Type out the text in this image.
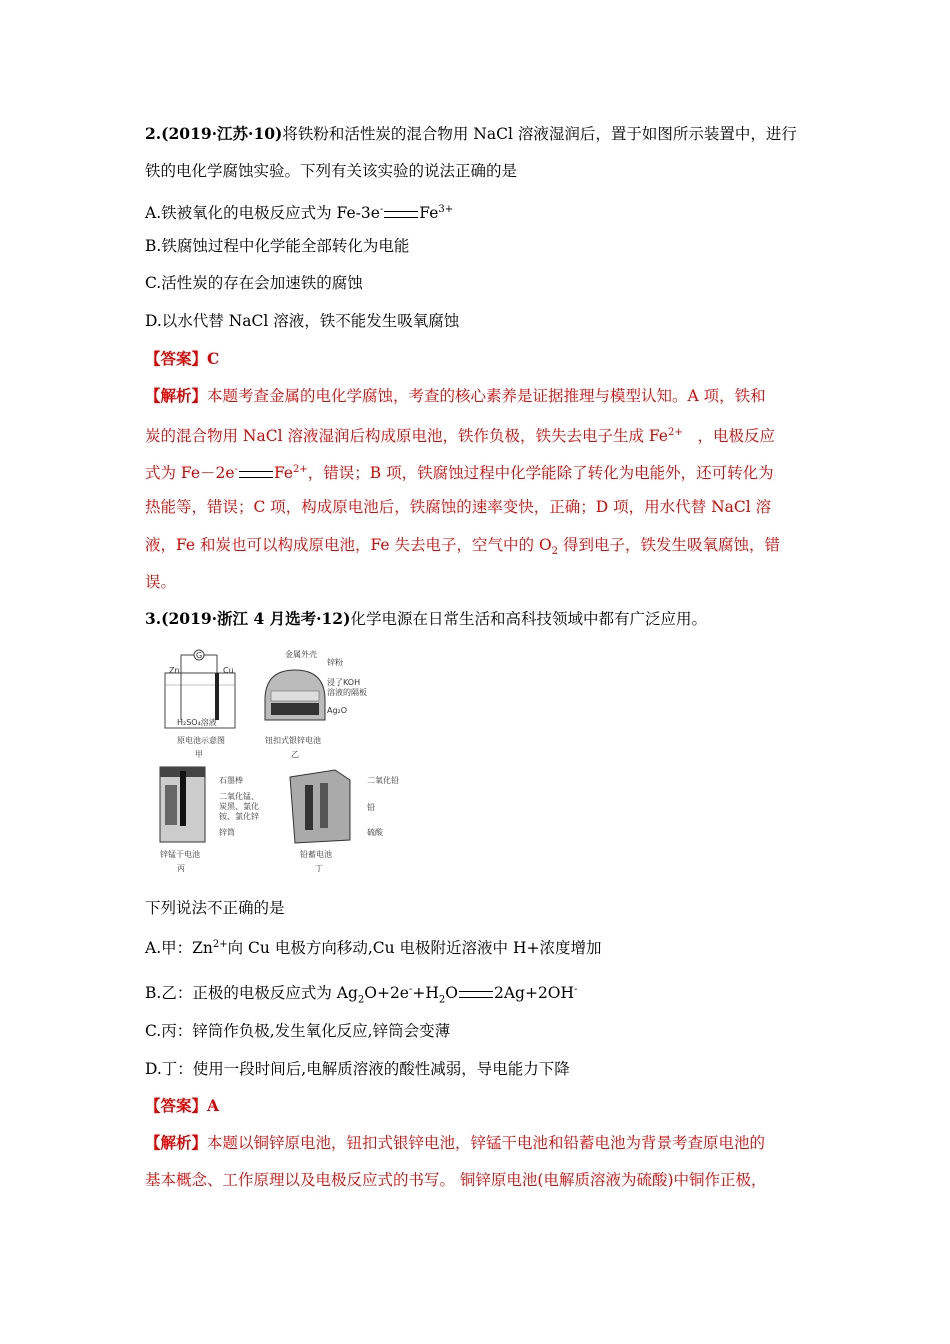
2.(2019·江苏·10)将铁粉和活性炭的混合物用 NaCl 溶液湿润后，置于如图所示装置中，进行
铁的电化学腐蚀实验。下列有关该实验的说法正确的是
A.铁被氧化的电极反应式为 Fe-3e- $Fe^{3+}$
B.铁腐蚀过程中化学能全部转化为电能
C.活性炭的存在会加速铁的腐蚀
D.以水代替 NaCl 溶液，铁不能发生吸氧腐蚀
【答案】C
【解析】本题考查金属的电化学腐蚀，考查的核心素养是证据推理与模型认知。A 项，铁和
炭的混合物用 NaCl 溶液湿润后构成原电池，铁作负极，铁失去电子生成 $Fe^{2+}$ ，电极反应
式为 Fe－2e- $Fe^{2+}$，错误；B 项，铁腐蚀过程中化学能除了转化为电能外，还可转化为
热能等，错误；C 项，构成原电池后，铁腐蚀的速率变快，正确；D 项，用水代替 NaCl 溶
液，Fe 和炭也可以构成原电池，Fe 失去电子，空气中的 $O_2$ 得到电子，铁发生吸氧腐蚀，错
误。
3.(2019·浙江 4 月选考·12)化学电源在日常生活和高科技领域中都有广泛应用。
G
Zn	Cu
H₂SO₄溶液
原电池示意图
甲
金属外壳
锌粉
浸了KOH
溶液的隔板
Ag₂O
钮扣式银锌电池
乙
石墨棒
二氧化锰、
炭黑、氯化
铵、氯化锌
锌筒
锌锰干电池
丙
二氧化铅
铅
硫酸
铅蓄电池
丁
下列说法不正确的是
A.甲：$Zn^{2+}$向 Cu 电极方向移动,Cu 电极附近溶液中 H+浓度增加
B.乙：正极的电极反应式为 $Ag_2O+2e^-+H_2O$ 2Ag+2OH-
C.丙：锌筒作负极,发生氧化反应,锌筒会变薄
D.丁：使用一段时间后,电解质溶液的酸性减弱，导电能力下降
【答案】A
【解析】本题以铜锌原电池，钮扣式银锌电池，锌锰干电池和铅蓄电池为背景考查原电池的
基本概念、工作原理以及电极反应式的书写。 铜锌原电池(电解质溶液为硫酸)中铜作正极，
